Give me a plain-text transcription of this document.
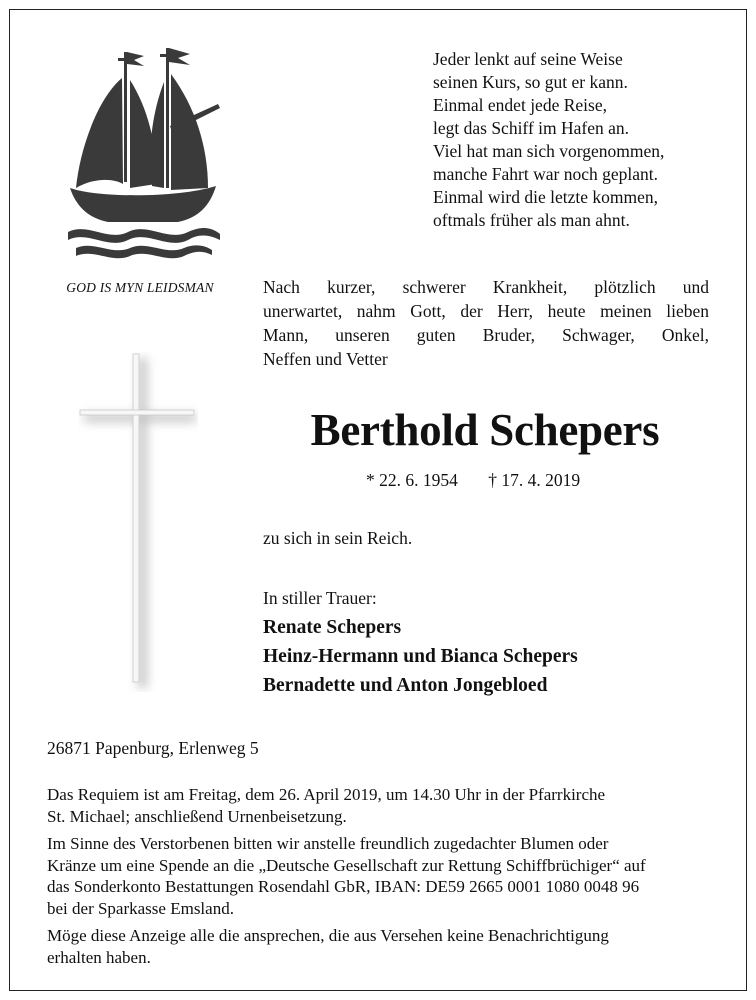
GOD IS MYN LEIDSMAN
Jeder lenkt auf seine Weise
seinen Kurs, so gut er kann.
Einmal endet jede Reise,
legt das Schiff im Hafen an.
Viel hat man sich vorgenommen,
manche Fahrt war noch geplant.
Einmal wird die letzte kommen,
oftmals früher als man ahnt.
Nach kurzer, schwerer Krankheit, plötzlich und
unerwartet, nahm Gott, der Herr, heute meinen lieben
Mann, unseren guten Bruder, Schwager, Onkel,
Neffen und Vetter
Berthold Schepers
* 22. 6. 1954 † 17. 4. 2019
zu sich in sein Reich.
In stiller Trauer:
Renate Schepers
Heinz-Hermann und Bianca Schepers
Bernadette und Anton Jongebloed
26871 Papenburg, Erlenweg 5

Das Requiem ist am Freitag, dem 26. April 2019, um 14.30 Uhr in der Pfarrkirche
St. Michael; anschließend Urnenbeisetzung.

Im Sinne des Verstorbenen bitten wir anstelle freundlich zugedachter Blumen oder
Kränze um eine Spende an die „Deutsche Gesellschaft zur Rettung Schiffbrüchiger“ auf
das Sonderkonto Bestattungen Rosendahl GbR, IBAN: DE59 2665 0001 1080 0048 96
bei der Sparkasse Emsland.

Möge diese Anzeige alle die ansprechen, die aus Versehen keine Benachrichtigung
erhalten haben.
